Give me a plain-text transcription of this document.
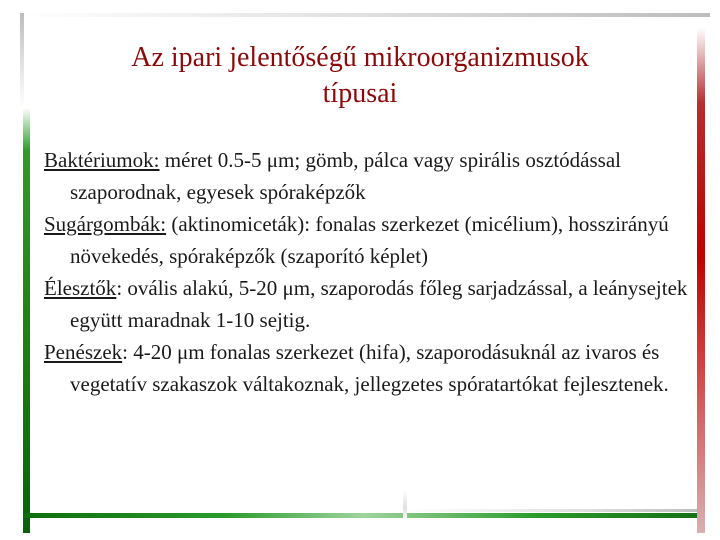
Az ipari jelentőségű mikroorganizmusok
típusai

Baktériumok: méret 0.5-5 μm; gömb, pálca vagy spirális osztódással szaporodnak, egyesek spóraképzők

Sugárgombák: (aktinomiceták): fonalas szerkezet (micélium), hosszirányú növekedés, spóraképzők (szaporító képlet)

Élesztők: ovális alakú, 5-20 μm, szaporodás főleg sarjadzással, a leánysejtek együtt maradnak 1-10 sejtig.

Penészek: 4-20 μm fonalas szerkezet (hifa), szaporodásuknál az ivaros és vegetatív szakaszok váltakoznak, jellegzetes spóratartókat fejlesztenek.
